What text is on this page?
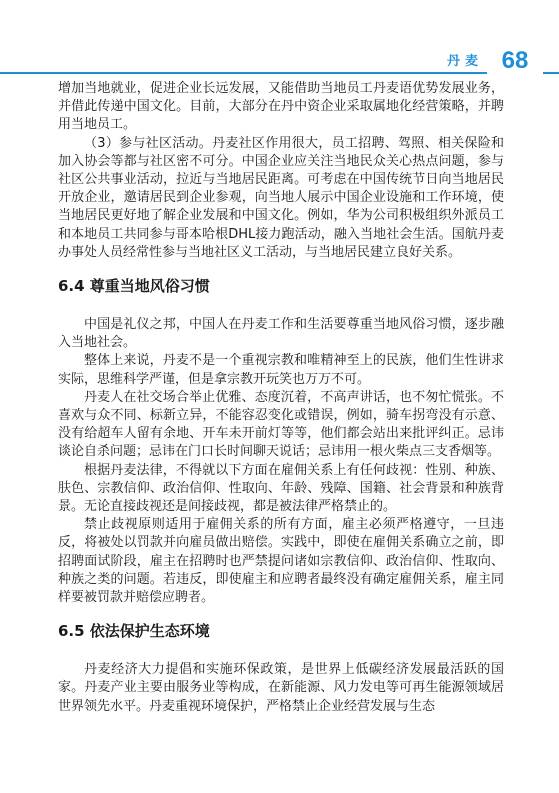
丹麦 68

增加当地就业，促进企业长远发展，又能借助当地员工丹麦语优势发展业务，并借此传递中国文化。目前，大部分在丹中资企业采取属地化经营策略，并聘用当地员工。

（3）参与社区活动。丹麦社区作用很大，员工招聘、驾照、相关保险和加入协会等都与社区密不可分。中国企业应关注当地民众关心热点问题，参与社区公共事业活动，拉近与当地居民距离。可考虑在中国传统节日向当地居民开放企业，邀请居民到企业参观，向当地人展示中国企业设施和工作环境，使当地居民更好地了解企业发展和中国文化。例如，华为公司积极组织外派员工和本地员工共同参与哥本哈根DHL接力跑活动，融入当地社会生活。国航丹麦办事处人员经常性参与当地社区义工活动，与当地居民建立良好关系。

6.4 尊重当地风俗习惯

中国是礼仪之邦，中国人在丹麦工作和生活要尊重当地风俗习惯，逐步融入当地社会。

整体上来说，丹麦不是一个重视宗教和唯精神至上的民族，他们生性讲求实际，思维科学严谨，但是拿宗教开玩笑也万万不可。

丹麦人在社交场合举止优雅、态度沉着，不高声讲话，也不匆忙慌张。不喜欢与众不同、标新立异，不能容忍变化或错误，例如，骑车拐弯没有示意、没有给超车人留有余地、开车未开前灯等等，他们都会站出来批评纠正。忌讳谈论自杀问题；忌讳在门口长时间聊天说话；忌讳用一根火柴点三支香烟等。

根据丹麦法律，不得就以下方面在雇佣关系上有任何歧视：性别、种族、肤色、宗教信仰、政治信仰、性取向、年龄、残障、国籍、社会背景和种族背景。无论直接歧视还是间接歧视，都是被法律严格禁止的。

禁止歧视原则适用于雇佣关系的所有方面，雇主必须严格遵守，一旦违反，将被处以罚款并向雇员做出赔偿。实践中，即使在雇佣关系确立之前，即招聘面试阶段，雇主在招聘时也严禁提问诸如宗教信仰、政治信仰、性取向、种族之类的问题。若违反，即使雇主和应聘者最终没有确定雇佣关系，雇主同样要被罚款并赔偿应聘者。

6.5 依法保护生态环境

丹麦经济大力提倡和实施环保政策，是世界上低碳经济发展最活跃的国家。丹麦产业主要由服务业等构成，在新能源、风力发电等可再生能源领域居世界领先水平。丹麦重视环境保护，严格禁止企业经营发展与生态
